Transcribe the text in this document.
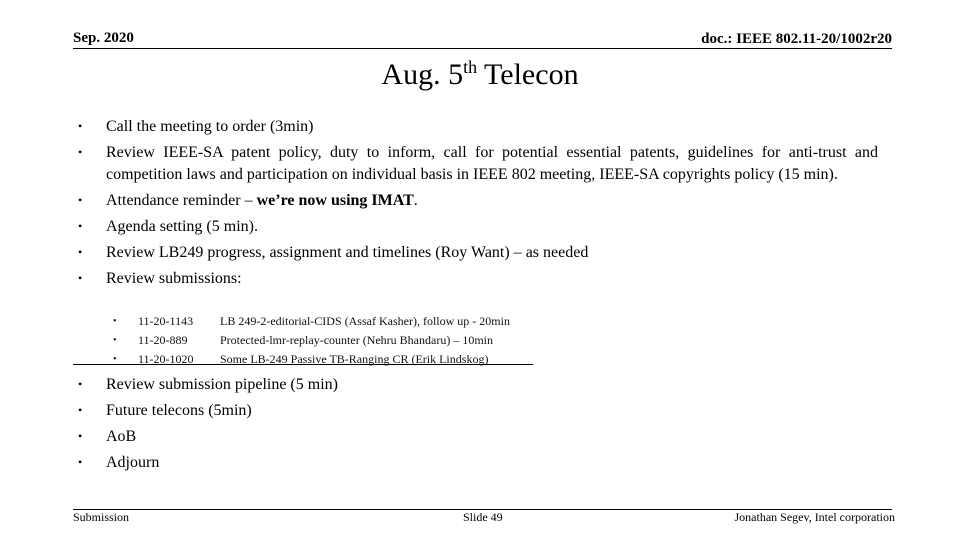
Sep. 2020	doc.: IEEE 802.11-20/1002r20
Aug. 5th Telecon
• Call the meeting to order (3min)
• Review IEEE-SA patent policy, duty to inform, call for potential essential patents, guidelines for anti-trust and competition laws and participation on individual basis in IEEE 802 meeting, IEEE-SA copyrights policy (15 min).
• Attendance reminder – we’re now using IMAT.
• Agenda setting (5 min).
• Review LB249 progress, assignment and timelines (Roy Want) – as needed
• Review submissions:
• 11-20-1143 LB 249-2-editorial-CIDS (Assaf Kasher), follow up - 20min
• 11-20-889	Protected-lmr-replay-counter (Nehru Bhandaru) – 10min
• 11-20-1020 Some LB-249 Passive TB-Ranging CR (Erik Lindskog)
• Review submission pipeline (5 min)
• Future telecons (5min)
• AoB
• Adjourn
Submission	Slide 49	Jonathan Segev, Intel corporation
